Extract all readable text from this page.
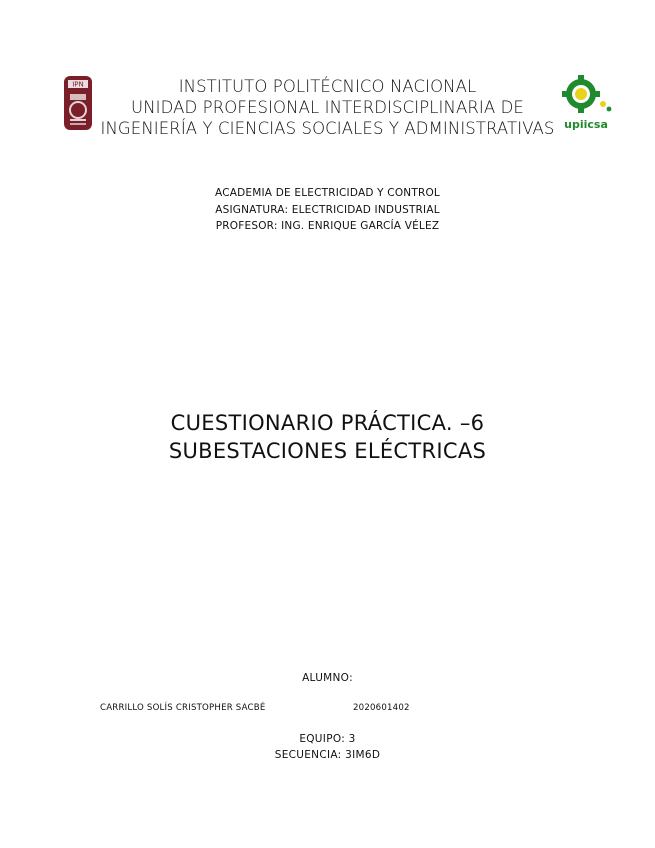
IPN
upiicsa
INSTITUTO POLITÉCNICO NACIONAL
UNIDAD PROFESIONAL INTERDISCIPLINARIA DE
INGENIERÍA Y CIENCIAS SOCIALES Y ADMINISTRATIVAS
ACADEMIA DE ELECTRICIDAD Y CONTROL
ASIGNATURA: ELECTRICIDAD INDUSTRIAL
PROFESOR: ING. ENRIQUE GARCÍA VÉLEZ
CUESTIONARIO PRÁCTICA. –6
SUBESTACIONES ELÉCTRICAS
ALUMNO:
CARRILLO SOLÍS CRISTOPHER SACBÉ	2020601402
EQUIPO: 3
SECUENCIA: 3IM6D
